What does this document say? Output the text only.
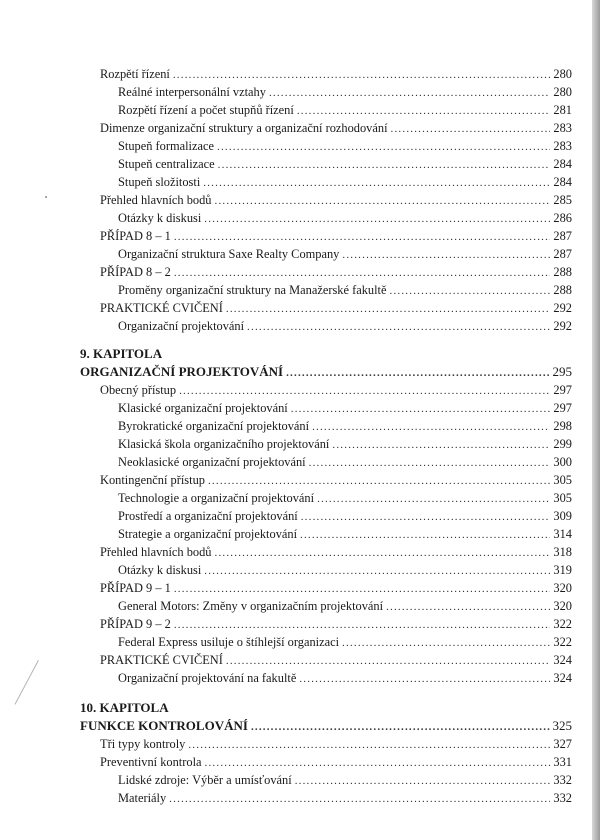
Rozpětí řízení .....	280
Reálné interpersonální vztahy .....	280
Rozpětí řízení a počet stupňů řízení .....	281
Dimenze organizační struktury a organizační rozhodování .....	283
Stupeň formalizace .....	283
Stupeň centralizace .....	284
Stupeň složitosti .....	284
Přehled hlavních bodů .....	285
Otázky k diskusi .....	286
PŘÍPAD 8 – 1 .....	287
Organizační struktura Saxe Realty Company .....	287
PŘÍPAD 8 – 2 .....	288
Proměny organizační struktury na Manažerské fakultě .....	288
PRAKTICKÉ CVIČENÍ .....	292
Organizační projektování .....	292
9. KAPITOLA
ORGANIZAČNÍ PROJEKTOVÁNÍ .....	295
Obecný přístup .....	297
Klasické organizační projektování .....	297
Byrokratické organizační projektování .....	298
Klasická škola organizačního projektování .....	299
Neoklasické organizační projektování .....	300
Kontingenční přístup .....	305
Technologie a organizační projektování .....	305
Prostředí a organizační projektování .....	309
Strategie a organizační projektování .....	314
Přehled hlavních bodů .....	318
Otázky k diskusi .....	319
PŘÍPAD 9 – 1 .....	320
General Motors: Změny v organizačním projektování .....	320
PŘÍPAD 9 – 2 .....	322
Federal Express usiluje o štíhlejší organizaci .....	322
PRAKTICKÉ CVIČENÍ .....	324
Organizační projektování na fakultě .....	324
10. KAPITOLA
FUNKCE KONTROLOVÁNÍ .....	325
Tři typy kontroly .....	327
Preventivní kontrola .....	331
Lidské zdroje: Výběr a umísťování .....	332
Materiály .....	332
